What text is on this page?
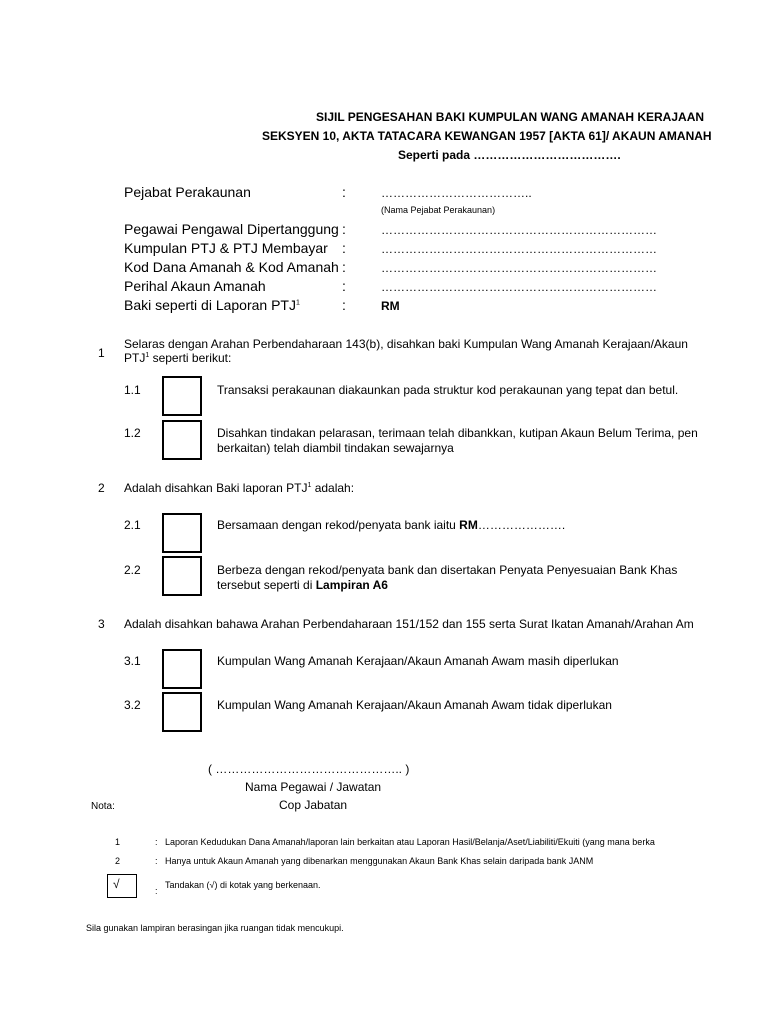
SIJIL PENGESAHAN BAKI KUMPULAN WANG AMANAH KERAJAAN
SEKSYEN 10, AKTA TATACARA KEWANGAN 1957 [AKTA 61]/ AKAUN AMANAH
Seperti pada ……………………………….
Pejabat Perakaunan	:	………………………………..
(Nama Pejabat Perakaunan)
Pegawai Pengawal Dipertanggung :	……………………………………………………………
Kumpulan PTJ & PTJ Membayar :	……………………………………………………………
Kod Dana Amanah & Kod Amanah :	……………………………………………………………
Perihal Akaun Amanah	:	……………………………………………………………
Baki seperti di Laporan PTJ$^1$	:	RM
1
Selaras dengan Arahan Perbendaharaan 143(b), disahkan baki Kumpulan Wang Amanah Kerajaan/Akaun
PTJ$^1$ seperti berikut:
1.1	Transaksi perakaunan diakaunkan pada struktur kod perakaunan yang tepat dan betul.
1.2	Disahkan tindakan pelarasan, terimaan telah dibankkan, kutipan Akaun Belum Terima, pen
berkaitan) telah diambil tindakan sewajarnya
2 Adalah disahkan Baki laporan PTJ$^1$ adalah:
2.1	Bersamaan dengan rekod/penyata bank iaitu RM………………….
2.2	Berbeza dengan rekod/penyata bank dan disertakan Penyata Penyesuaian Bank Khas
tersebut seperti di Lampiran A6
3 Adalah disahkan bahawa Arahan Perbendaharaan 151/152 dan 155 serta Surat Ikatan Amanah/Arahan Am
3.1	Kumpulan Wang Amanah Kerajaan/Akaun Amanah Awam masih diperlukan
3.2	Kumpulan Wang Amanah Kerajaan/Akaun Amanah Awam tidak diperlukan
( ……………………………………….. )
Nama Pegawai / Jawatan
Cop Jabatan
Nota:
1	: Laporan Kedudukan Dana Amanah/laporan lain berkaitan atau Laporan Hasil/Belanja/Aset/Liabiliti/Ekuiti (yang mana berka
2	: Hanya untuk Akaun Amanah yang dibenarkan menggunakan Akaun Bank Khas selain daripada bank JANM
√	:
Tandakan (√) di kotak yang berkenaan.
Sila gunakan lampiran berasingan jika ruangan tidak mencukupi.
